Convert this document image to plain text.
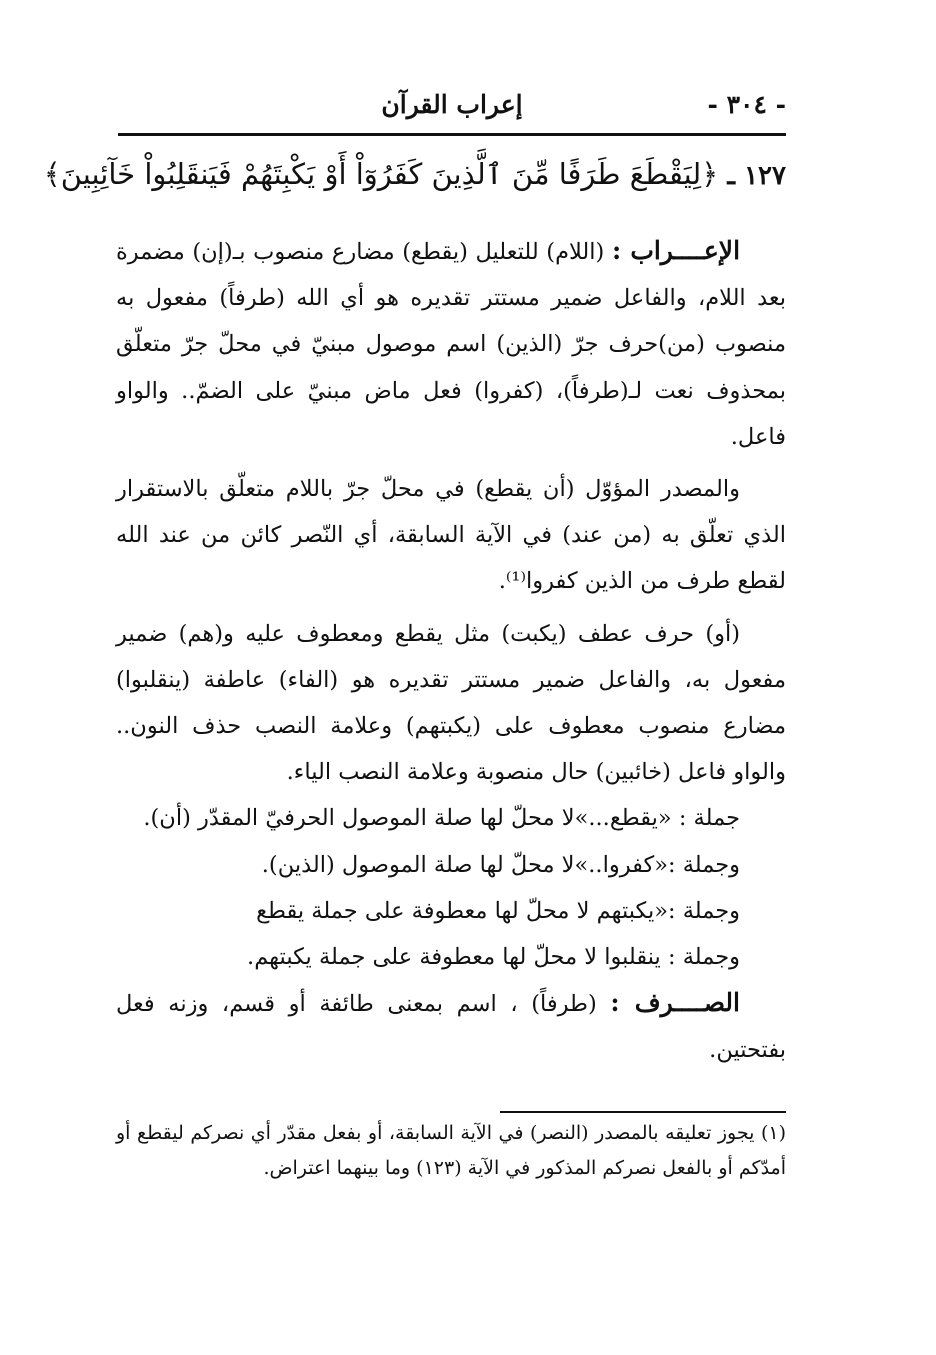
- ٣٠٤ -
إعراب القرآن
١٢٧ ـ ﴿لِيَقْطَعَ طَرَفًا مِّنَ ٱلَّذِينَ كَفَرُوٓاْ أَوْ يَكْبِتَهُمْ فَيَنقَلِبُواْ خَآئِبِينَ﴾

الإعــــراب : (اللام) للتعليل (يقطع) مضارع منصوب بـ(إن) مضمرة بعد اللام، والفاعل ضمير مستتر تقديره هو أي الله (طرفاً) مفعول به منصوب (من)حرف جرّ (الذين) اسم موصول مبنيّ في محلّ جرّ متعلّق بمحذوف نعت لـ(طرفاً)، (كفروا) فعل ماض مبنيّ على الضمّ.. والواو فاعل.

والمصدر المؤوّل (أن يقطع) في محلّ جرّ باللام متعلّق بالاستقرار الذي تعلّق به (من عند) في الآية السابقة، أي النّصر كائن من عند الله لقطع طرف من الذين كفروا⁽¹⁾.

(أو) حرف عطف (يكبت) مثل يقطع ومعطوف عليه و(هم) ضمير مفعول به، والفاعل ضمير مستتر تقديره هو (الفاء) عاطفة (ينقلبوا) مضارع منصوب معطوف على (يكبتهم) وعلامة النصب حذف النون.. والواو فاعل (خائبين) حال منصوبة وعلامة النصب الياء.

جملة : «يقطع...»لا محلّ لها صلة الموصول الحرفيّ المقدّر (أن).

وجملة :«كفروا..»لا محلّ لها صلة الموصول (الذين).

وجملة :«يكبتهم لا محلّ لها معطوفة على جملة يقطع

وجملة : ينقلبوا لا محلّ لها معطوفة على جملة يكبتهم.

الصــــرف : (طرفاً) ، اسم بمعنى طائفة أو قسم، وزنه فعل بفتحتين.

(١) يجوز تعليقه بالمصدر (النصر) في الآية السابقة، أو بفعل مقدّر أي نصركم ليقطع أو أمدّكم أو بالفعل نصركم المذكور في الآية (١٢٣) وما بينهما اعتراض.
